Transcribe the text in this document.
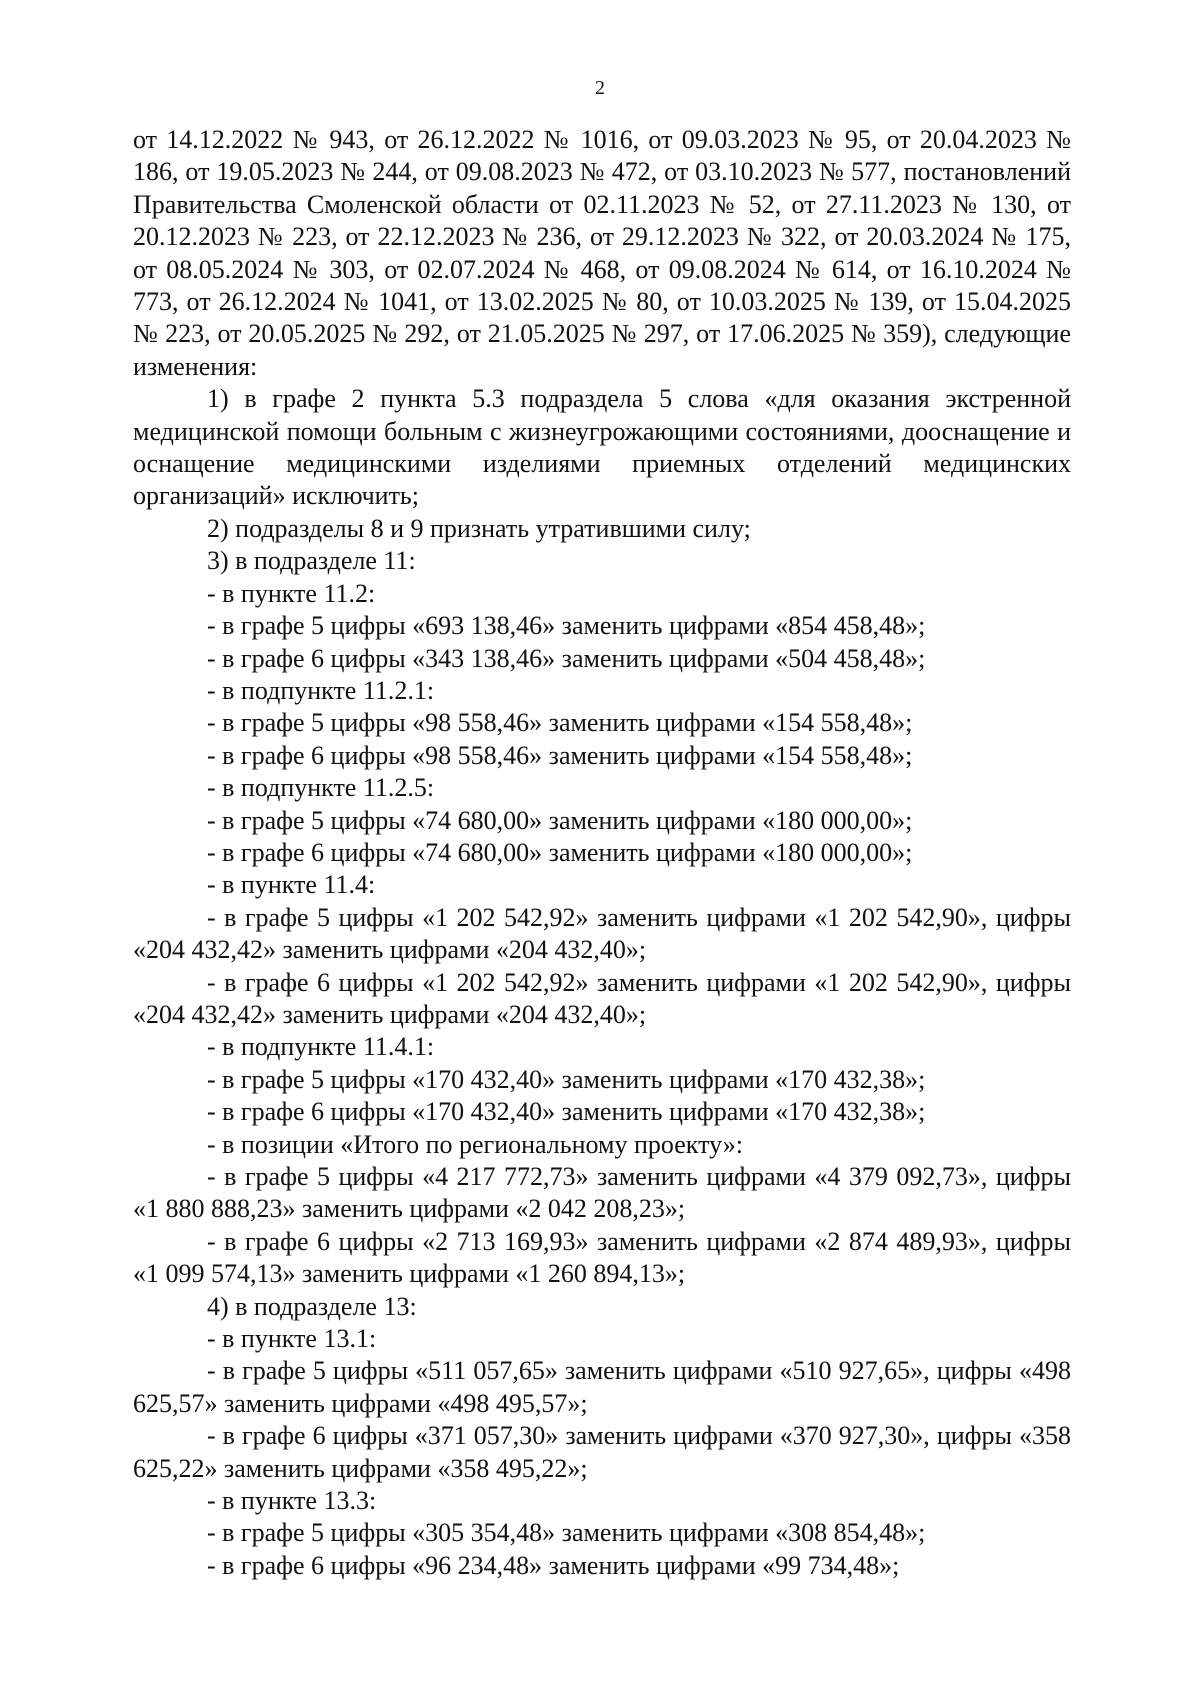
2

от 14.12.2022 № 943, от 26.12.2022 № 1016, от 09.03.2023 № 95, от 20.04.2023 № 186, от 19.05.2023 № 244, от 09.08.2023 № 472, от 03.10.2023 № 577, постановлений Правительства Смоленской области от 02.11.2023 № 52, от 27.11.2023 № 130, от 20.12.2023 № 223, от 22.12.2023 № 236, от 29.12.2023 № 322, от 20.03.2024 № 175, от 08.05.2024 № 303, от 02.07.2024 № 468, от 09.08.2024 № 614, от 16.10.2024 № 773, от 26.12.2024 № 1041, от 13.02.2025 № 80, от 10.03.2025 № 139, от 15.04.2025 № 223, от 20.05.2025 № 292, от 21.05.2025 № 297, от 17.06.2025 № 359), следующие изменения:

1) в графе 2 пункта 5.3 подраздела 5 слова «для оказания экстренной медицинской помощи больным с жизнеугрожающими состояниями, дооснащение и оснащение медицинскими изделиями приемных отделений медицинских организаций» исключить;

2) подразделы 8 и 9 признать утратившими силу;

3) в подразделе 11:

- в пункте 11.2:

- в графе 5 цифры «693 138,46» заменить цифрами «854 458,48»;

- в графе 6 цифры «343 138,46» заменить цифрами «504 458,48»;

- в подпункте 11.2.1:

- в графе 5 цифры «98 558,46» заменить цифрами «154 558,48»;

- в графе 6 цифры «98 558,46» заменить цифрами «154 558,48»;

- в подпункте 11.2.5:

- в графе 5 цифры «74 680,00» заменить цифрами «180 000,00»;

- в графе 6 цифры «74 680,00» заменить цифрами «180 000,00»;

- в пункте 11.4:

- в графе 5 цифры «1 202 542,92» заменить цифрами «1 202 542,90», цифры «204 432,42» заменить цифрами «204 432,40»;

- в графе 6 цифры «1 202 542,92» заменить цифрами «1 202 542,90», цифры «204 432,42» заменить цифрами «204 432,40»;

- в подпункте 11.4.1:

- в графе 5 цифры «170 432,40» заменить цифрами «170 432,38»;

- в графе 6 цифры «170 432,40» заменить цифрами «170 432,38»;

- в позиции «Итого по региональному проекту»:

- в графе 5 цифры «4 217 772,73» заменить цифрами «4 379 092,73», цифры «1 880 888,23» заменить цифрами «2 042 208,23»;

- в графе 6 цифры «2 713 169,93» заменить цифрами «2 874 489,93», цифры «1 099 574,13» заменить цифрами «1 260 894,13»;

4) в подразделе 13:

- в пункте 13.1:

- в графе 5 цифры «511 057,65» заменить цифрами «510 927,65», цифры «498 625,57» заменить цифрами «498 495,57»;

- в графе 6 цифры «371 057,30» заменить цифрами «370 927,30», цифры «358 625,22» заменить цифрами «358 495,22»;

- в пункте 13.3:

- в графе 5 цифры «305 354,48» заменить цифрами «308 854,48»;

- в графе 6 цифры «96 234,48» заменить цифрами «99 734,48»;
